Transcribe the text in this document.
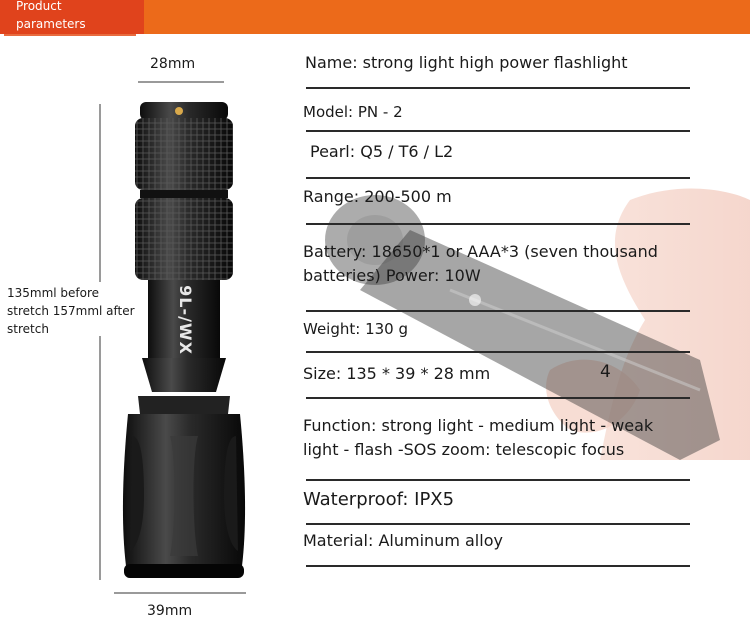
Product parameters
28mm
135mml before stretch 157mml after stretch
39mm
9L-/WX
Name: strong light high power flashlight
Model: PN - 2
Pearl: Q5 / T6 / L2
Range: 200-500 m
Battery: 18650*1 or AAA*3 (seven thousand
batteries) Power: 10W
Weight: 130 g
Size: 135 * 39 * 28 mm	4
Function: strong light - medium light - weak
light - flash -SOS zoom: telescopic focus
Waterproof: IPX5
Material: Aluminum alloy
